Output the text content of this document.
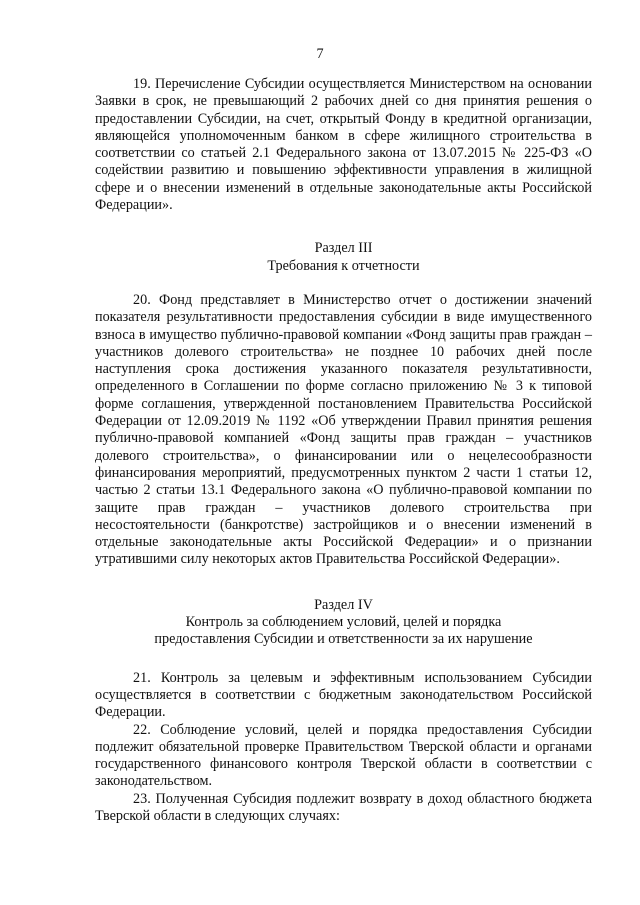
7

19. Перечисление Субсидии осуществляется Министерством на основании Заявки в срок, не превышающий 2 рабочих дней со дня принятия решения о предоставлении Субсидии, на счет, открытый Фонду в кредитной организации, являющейся уполномоченным банком в сфере жилищного строительства в соответствии со статьей 2.1 Федерального закона от 13.07.2015 № 225-ФЗ «О содействии развитию и повышению эффективности управления в жилищной сфере и о внесении изменений в отдельные законодательные акты Российской Федерации».

Раздел III

Требования к отчетности

20. Фонд представляет в Министерство отчет о достижении значений показателя результативности предоставления субсидии в виде имущественного взноса в имущество публично-правовой компании «Фонд защиты прав граждан – участников долевого строительства» не позднее 10 рабочих дней после наступления срока достижения указанного показателя результативности, определенного в Соглашении по форме согласно приложению № 3 к типовой форме соглашения, утвержденной постановлением Правительства Российской Федерации от 12.09.2019 № 1192 «Об утверждении Правил принятия решения публично-правовой компанией «Фонд защиты прав граждан – участников долевого строительства», о финансировании или о нецелесообразности финансирования мероприятий, предусмотренных пунктом 2 части 1 статьи 12, частью 2 статьи 13.1 Федерального закона «О публично-правовой компании по защите прав граждан – участников долевого строительства при несостоятельности (банкротстве) застройщиков и о внесении изменений в отдельные законодательные акты Российской Федерации» и о признании утратившими силу некоторых актов Правительства Российской Федерации».

Раздел IV

Контроль за соблюдением условий, целей и порядка

предоставления Субсидии и ответственности за их нарушение

21. Контроль за целевым и эффективным использованием Субсидии осуществляется в соответствии с бюджетным законодательством Российской Федерации.

22. Соблюдение условий, целей и порядка предоставления Субсидии подлежит обязательной проверке Правительством Тверской области и органами государственного финансового контроля Тверской области в соответствии с законодательством.

23. Полученная Субсидия подлежит возврату в доход областного бюджета Тверской области в следующих случаях:
